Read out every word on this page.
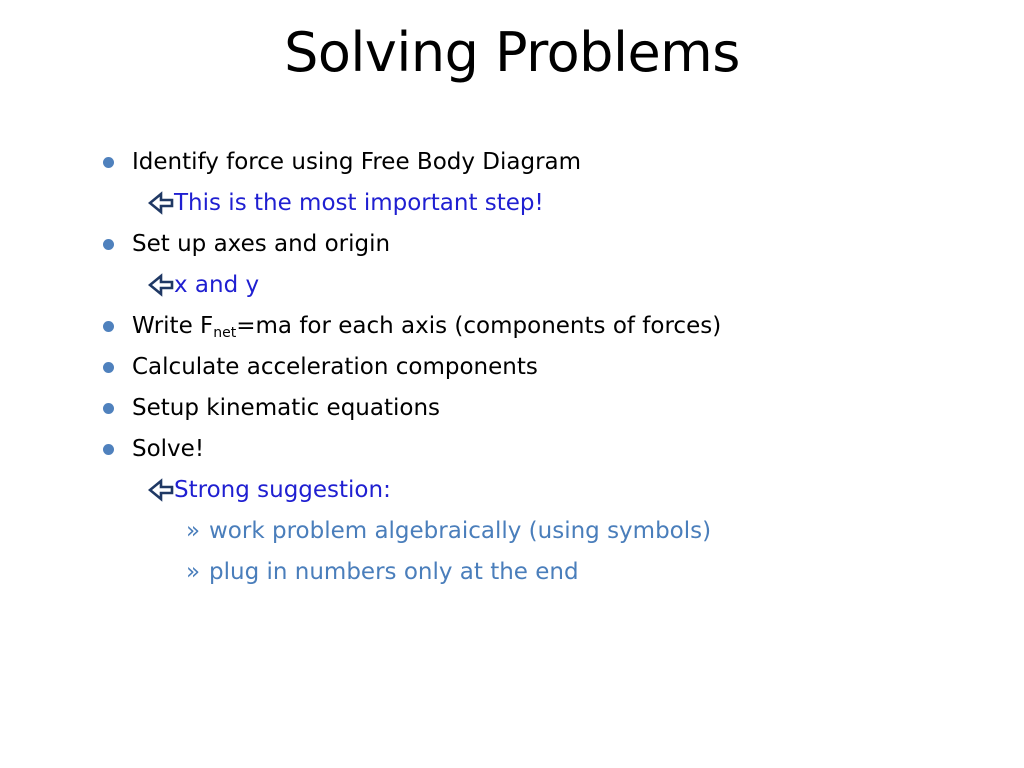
Solving Problems
Identify force using Free Body Diagram
This is the most important step!
Set up axes and origin
x and y
Write $F_{net}=ma$ for each axis (components of forces)
Calculate acceleration components
Setup kinematic equations
Solve!
Strong suggestion:
» work problem algebraically (using symbols)
» plug in numbers only at the end
